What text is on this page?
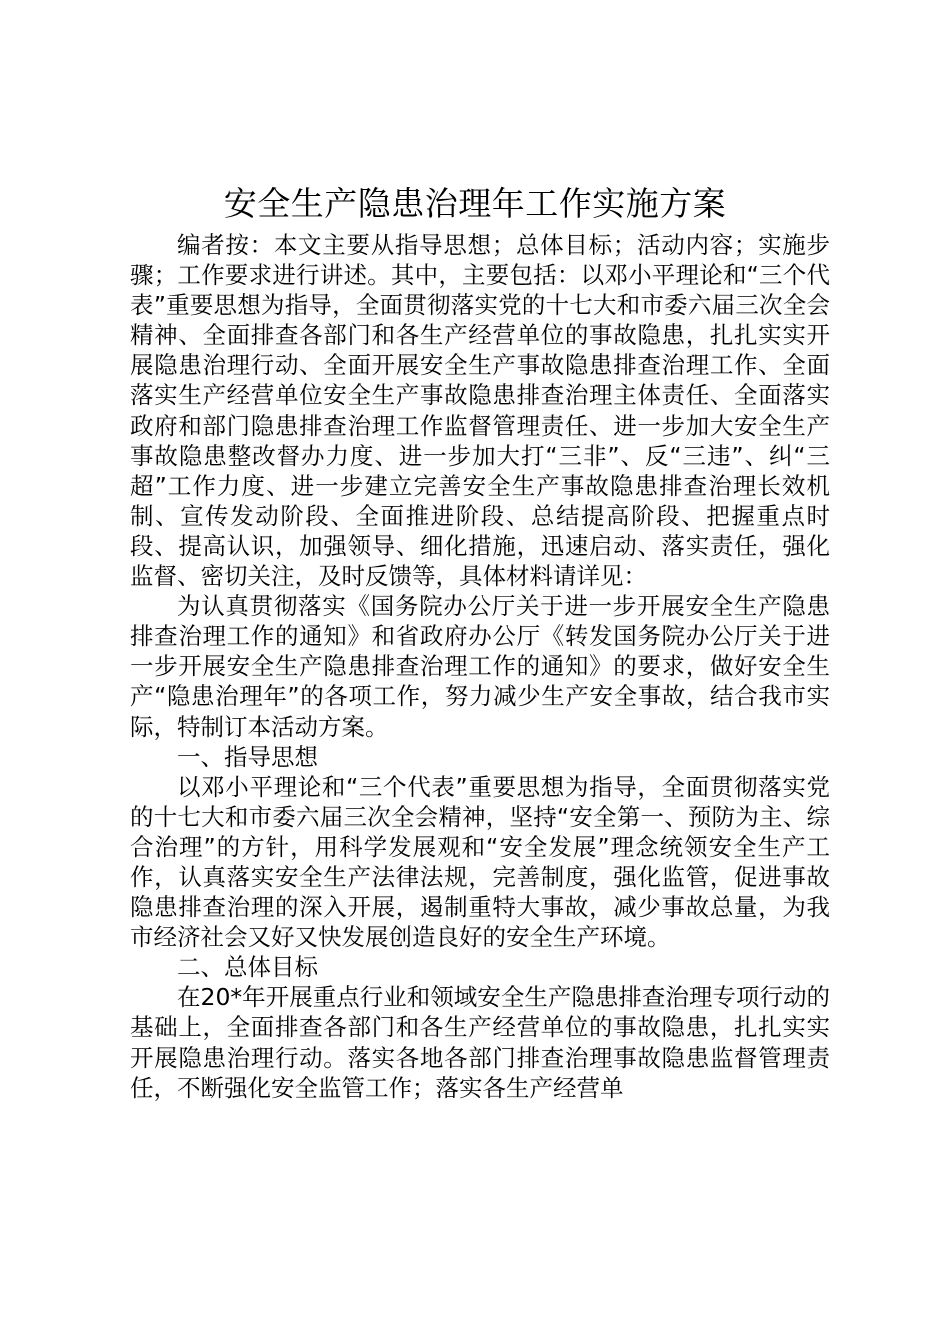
安全生产隐患治理年工作实施方案

编者按：本文主要从指导思想；总体目标；活动内容；实施步骤；工作要求进行讲述。其中，主要包括：以邓小平理论和“三个代表”重要思想为指导，全面贯彻落实党的十七大和市委六届三次全会精神、全面排查各部门和各生产经营单位的事故隐患，扎扎实实开展隐患治理行动、全面开展安全生产事故隐患排查治理工作、全面落实生产经营单位安全生产事故隐患排查治理主体责任、全面落实政府和部门隐患排查治理工作监督管理责任、进一步加大安全生产事故隐患整改督办力度、进一步加大打“三非”、反“三违”、纠“三超”工作力度、进一步建立完善安全生产事故隐患排查治理长效机制、宣传发动阶段、全面推进阶段、总结提高阶段、把握重点时段、提高认识，加强领导、细化措施，迅速启动、落实责任，强化监督、密切关注，及时反馈等，具体材料请详见：

为认真贯彻落实《国务院办公厅关于进一步开展安全生产隐患排查治理工作的通知》和省政府办公厅《转发国务院办公厅关于进一步开展安全生产隐患排查治理工作的通知》的要求，做好安全生产“隐患治理年”的各项工作，努力减少生产安全事故，结合我市实际，特制订本活动方案。

一、指导思想

以邓小平理论和“三个代表”重要思想为指导，全面贯彻落实党的十七大和市委六届三次全会精神，坚持“安全第一、预防为主、综合治理”的方针，用科学发展观和“安全发展”理念统领安全生产工作，认真落实安全生产法律法规，完善制度，强化监管，促进事故隐患排查治理的深入开展，遏制重特大事故，减少事故总量，为我市经济社会又好又快发展创造良好的安全生产环境。

二、总体目标

在20*年开展重点行业和领域安全生产隐患排查治理专项行动的基础上，全面排查各部门和各生产经营单位的事故隐患，扎扎实实开展隐患治理行动。落实各地各部门排查治理事故隐患监督管理责任，不断强化安全监管工作；落实各生产经营单
